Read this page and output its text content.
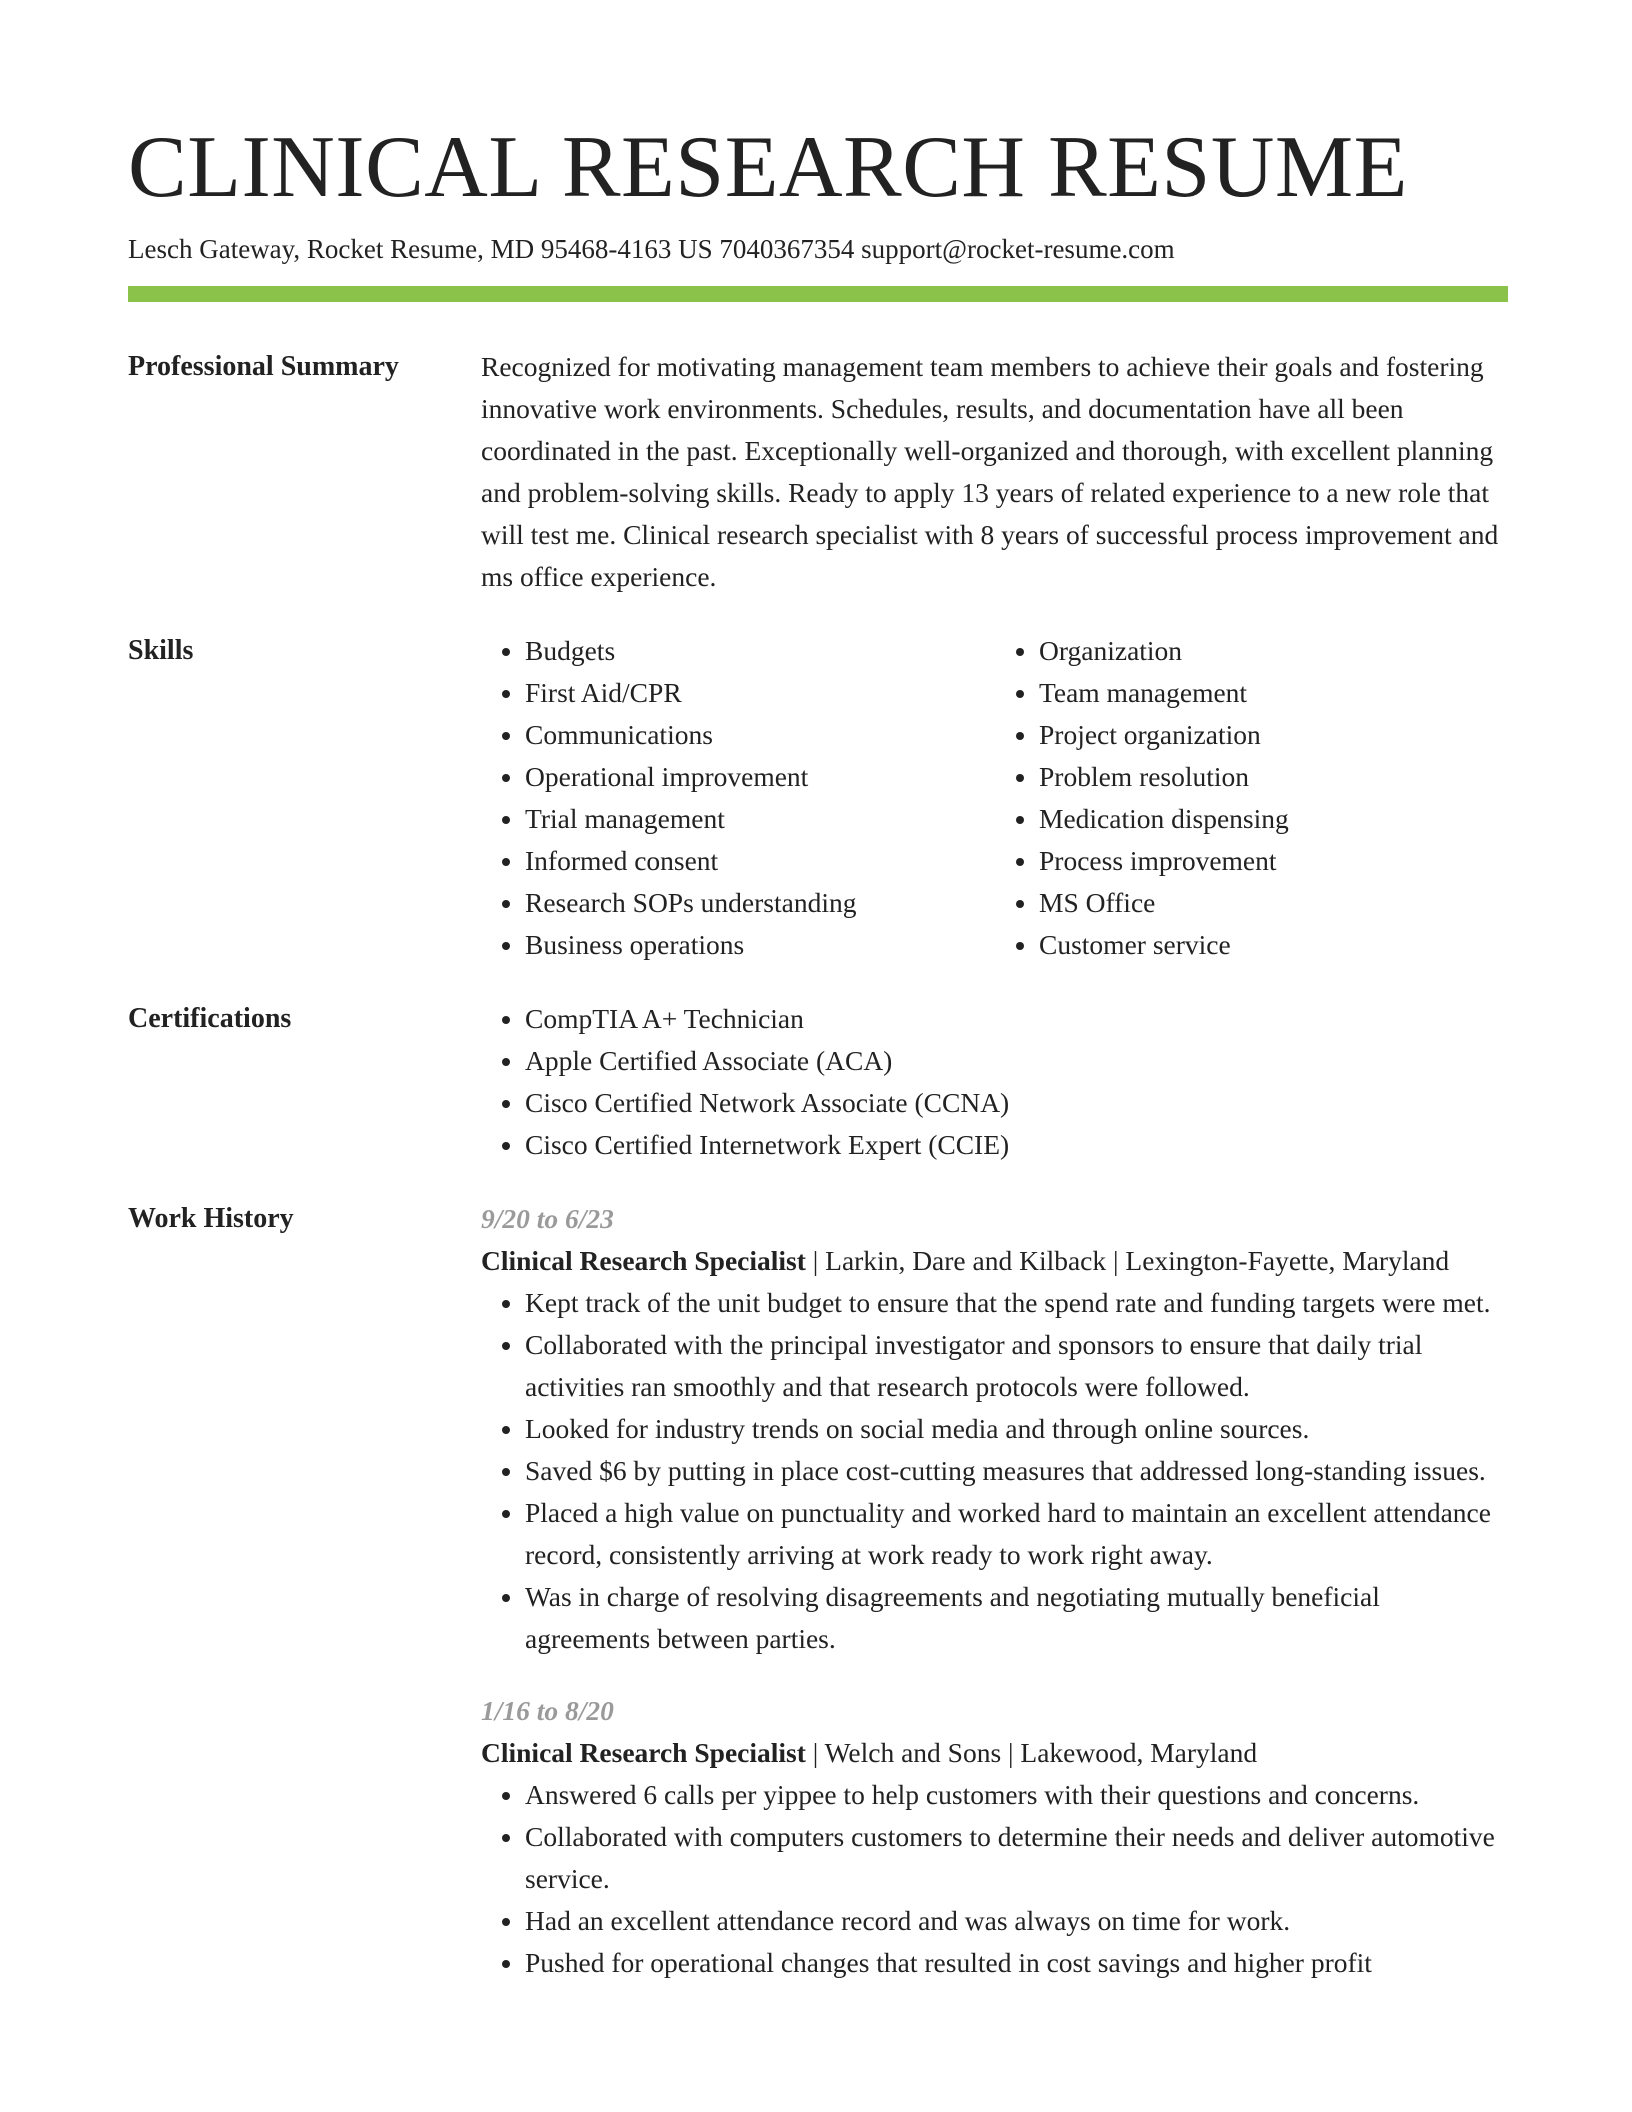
CLINICAL RESEARCH RESUME
Lesch Gateway, Rocket Resume, MD 95468-4163 US 7040367354 support@rocket-resume.com
Professional Summary	Recognized for motivating management team members to achieve their goals and fostering innovative work environments. Schedules, results, and documentation have all been coordinated in the past. Exceptionally well-organized and thorough, with excellent planning and problem-solving skills. Ready to apply 13 years of related experience to a new role that will test me. Clinical research specialist with 8 years of successful process improvement and ms office experience.

Skills	• Budgets
• First Aid/CPR
• Communications
• Operational improvement
• Trial management
• Informed consent
• Research SOPs understanding
• Business operations
• Organization
• Team management
• Project organization
• Problem resolution
• Medication dispensing
• Process improvement
• MS Office
• Customer service
Certifications	• CompTIA A+ Technician
• Apple Certified Associate (ACA)
• Cisco Certified Network Associate (CCNA)
• Cisco Certified Internetwork Expert (CCIE)
Work History	9/20 to 6/23

Clinical Research Specialist | Larkin, Dare and Kilback | Lexington-Fayette, Maryland

• Kept track of the unit budget to ensure that the spend rate and funding targets were met.
• Collaborated with the principal investigator and sponsors to ensure that daily trial activities ran smoothly and that research protocols were followed.
• Looked for industry trends on social media and through online sources.
• Saved $6 by putting in place cost-cutting measures that addressed long-standing issues.
• Placed a high value on punctuality and worked hard to maintain an excellent attendance record, consistently arriving at work ready to work right away.
• Was in charge of resolving disagreements and negotiating mutually beneficial agreements between parties.

1/16 to 8/20

Clinical Research Specialist | Welch and Sons | Lakewood, Maryland

• Answered 6 calls per yippee to help customers with their questions and concerns.
• Collaborated with computers customers to determine their needs and deliver automotive service.
• Had an excellent attendance record and was always on time for work.
• Pushed for operational changes that resulted in cost savings and higher profit
